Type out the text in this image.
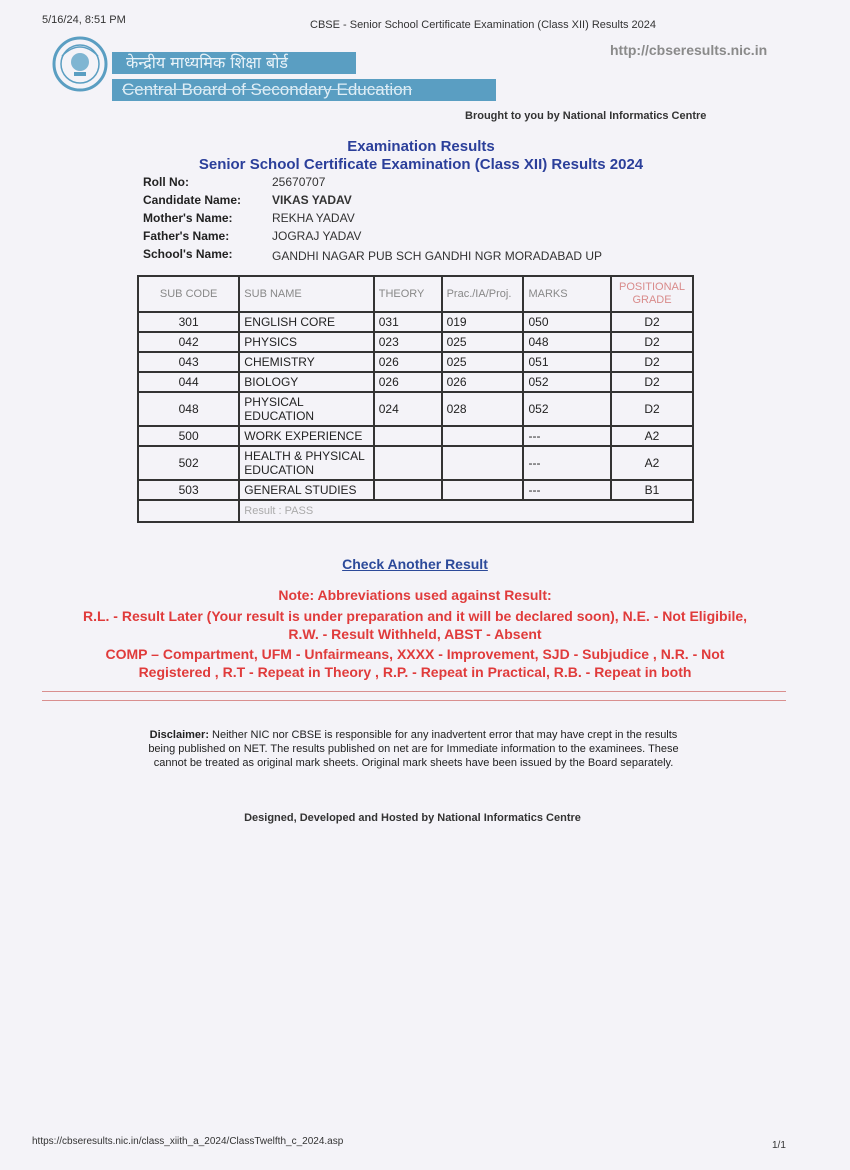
5/16/24, 8:51 PM	CBSE - Senior School Certificate Examination (Class XII) Results 2024
http://cbseresults.nic.in
केन्द्रीय माध्यमिक शिक्षा बोर्ड
Central Board of Secondary Education
Brought to you by National Informatics Centre
Examination Results
Senior School Certificate Examination (Class XII) Results 2024
Roll No:	25670707
Candidate Name:	VIKAS YADAV
Mother's Name:	REKHA YADAV
Father's Name:	JOGRAJ YADAV
School's Name:	GANDHI NAGAR PUB SCH GANDHI NGR MORADABAD UP
SUB CODE	SUB NAME	THEORY	Prac./IA/Proj.	MARKS	POSITIONAL
GRADE
301	ENGLISH CORE	031	019	050	D2
042	PHYSICS	023	025	048	D2
043	CHEMISTRY	026	025	051	D2
044	BIOLOGY	026	026	052	D2
048	PHYSICAL EDUCATION	024	028	052	D2
500	WORK EXPERIENCE			---	A2
502	HEALTH & PHYSICAL EDUCATION			---	A2
503	GENERAL STUDIES			---	B1
	Result : PASS				
Check Another Result
Note: Abbreviations used against Result:
R.L. - Result Later (Your result is under preparation and it will be declared soon), N.E. - Not Eligibile,
R.W. - Result Withheld, ABST - Absent
COMP – Compartment, UFM - Unfairmeans, XXXX - Improvement, SJD - Subjudice , N.R. - Not
Registered , R.T - Repeat in Theory , R.P. - Repeat in Practical, R.B. - Repeat in both
Disclaimer: Neither NIC nor CBSE is responsible for any inadvertent error that may have crept in the results being published on NET. The results published on net are for Immediate information to the examinees. These cannot be treated as original mark sheets. Original mark sheets have been issued by the Board separately.
Designed, Developed and Hosted by National Informatics Centre
https://cbseresults.nic.in/class_xiith_a_2024/ClassTwelfth_c_2024.asp	1/1
